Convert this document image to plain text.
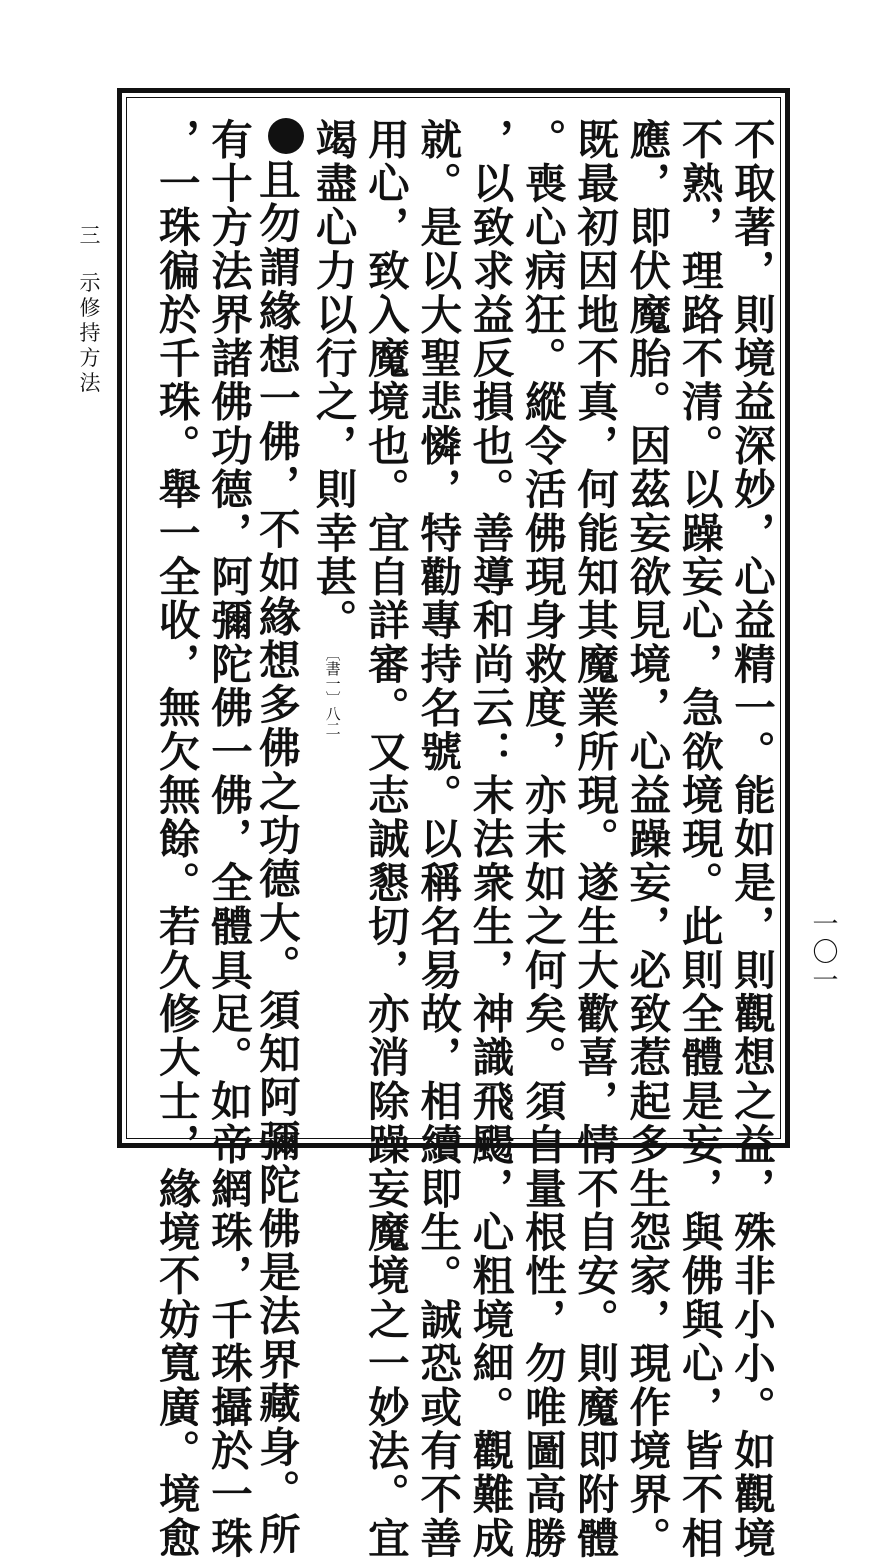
三 示修持方法
一〇一
不取著，則境益深妙，心益精一。能如是，則觀想之益，殊非小小。如觀境
不熟，理路不清。以躁妄心，急欲境現。此則全體是妄，與佛與心，皆不相
應，即伏魔胎。因茲妄欲見境，心益躁妄，必致惹起多生怨家，現作境界。
既最初因地不真，何能知其魔業所現。遂生大歡喜，情不自安。則魔即附體
。喪心病狂。縱令活佛現身救度，亦末如之何矣。須自量根性，勿唯圖高勝
，以致求益反損也。善導和尚云：末法衆生，神識飛颺，心粗境細。觀難成
就。是以大聖悲憐，特勸專持名號。以稱名易故，相續即生。誠恐或有不善
用心，致入魔境也。宜自詳審。又志誠懇切，亦消除躁妄魔境之一妙法。宜
竭盡心力以行之，則幸甚。︹書一︺八二
且勿謂緣想一佛，不如緣想多佛之功德大。須知阿彌陀佛是法界藏身。所
有十方法界諸佛功德，阿彌陀佛一佛，全體具足。如帝網珠，千珠攝於一珠
，一珠徧於千珠。舉一全收，無欠無餘。若久修大士，緣境不妨寬廣。境愈
